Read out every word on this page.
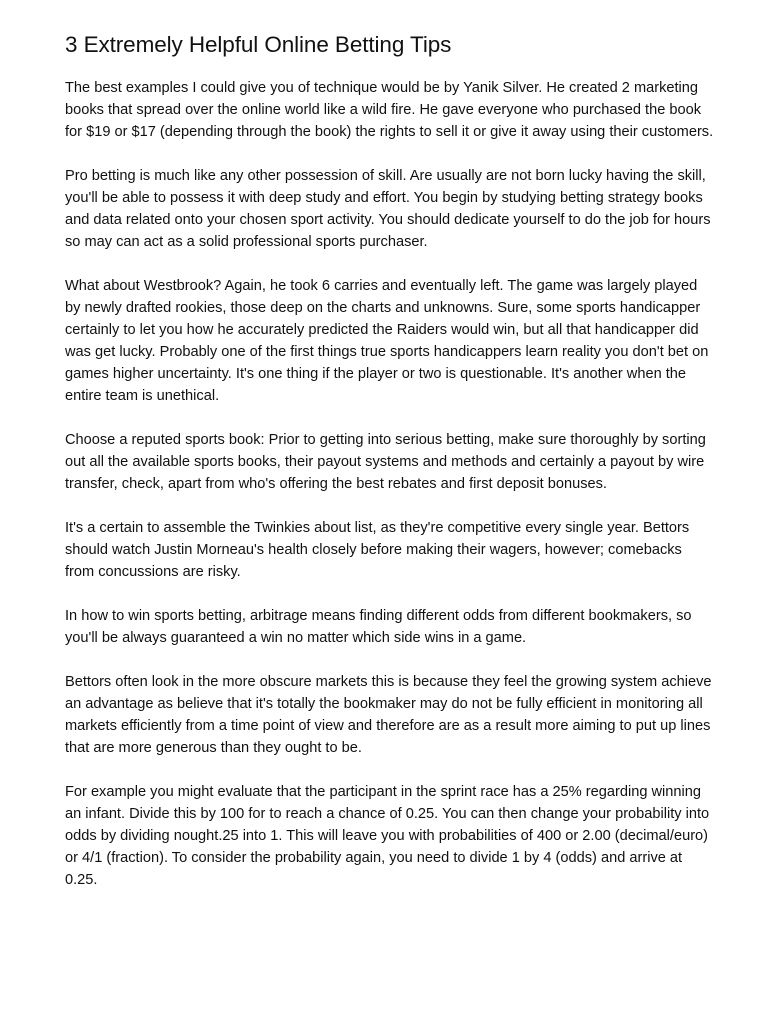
3 Extremely Helpful Online Betting Tips

The best examples I could give you of technique would be by Yanik Silver. He created 2 marketing books that spread over the online world like a wild fire. He gave everyone who purchased the book for $19 or $17 (depending through the book) the rights to sell it or give it away using their customers.

Pro betting is much like any other possession of skill. Are usually are not born lucky having the skill, you'll be able to possess it with deep study and effort. You begin by studying betting strategy books and data related onto your chosen sport activity. You should dedicate yourself to do the job for hours so may can act as a solid professional sports purchaser.

What about Westbrook? Again, he took 6 carries and eventually left. The game was largely played by newly drafted rookies, those deep on the charts and unknowns. Sure, some sports handicapper certainly to let you how he accurately predicted the Raiders would win, but all that handicapper did was get lucky. Probably one of the first things true sports handicappers learn reality you don't bet on games higher uncertainty. It's one thing if the player or two is questionable. It's another when the entire team is unethical.

Choose a reputed sports book: Prior to getting into serious betting, make sure thoroughly by sorting out all the available sports books, their payout systems and methods and certainly a payout by wire transfer, check, apart from who's offering the best rebates and first deposit bonuses.

It's a certain to assemble the Twinkies about list, as they're competitive every single year. Bettors should watch Justin Morneau's health closely before making their wagers, however; comebacks from concussions are risky.

In how to win sports betting, arbitrage means finding different odds from different bookmakers, so you'll be always guaranteed a win no matter which side wins in a game.

Bettors often look in the more obscure markets this is because they feel the growing system achieve an advantage as believe that it's totally the bookmaker may do not be fully efficient in monitoring all markets efficiently from a time point of view and therefore are as a result more aiming to put up lines that are more generous than they ought to be.

For example you might evaluate that the participant in the sprint race has a 25% regarding winning an infant. Divide this by 100 for to reach a chance of 0.25. You can then change your probability into odds by dividing nought.25 into 1. This will leave you with probabilities of 400 or 2.00 (decimal/euro) or 4/1 (fraction). To consider the probability again, you need to divide 1 by 4 (odds) and arrive at 0.25.
